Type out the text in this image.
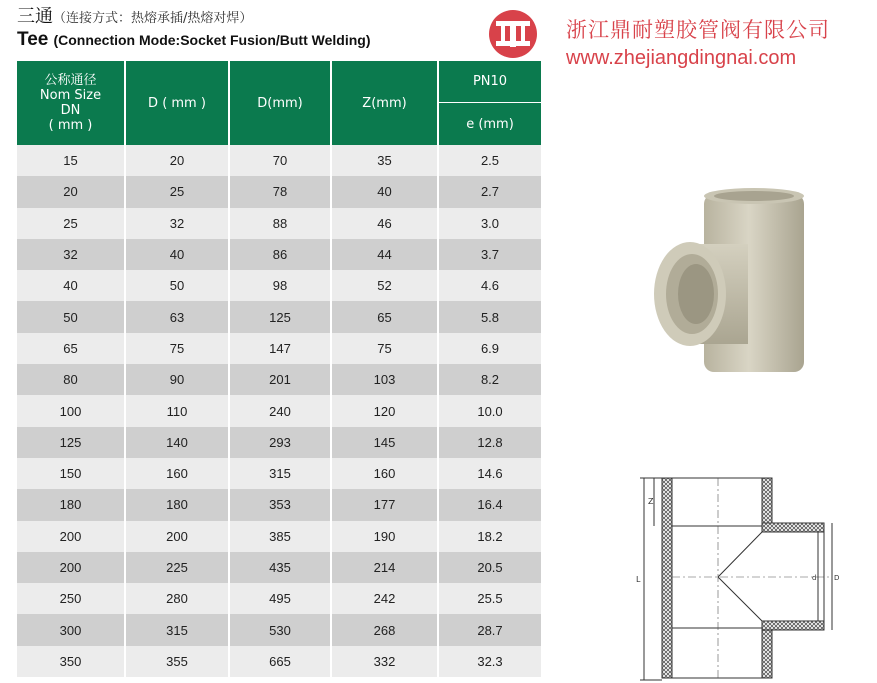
三通（连接方式：热熔承插/热熔对焊）
Tee (Connection Mode:Socket Fusion/Butt Welding)	浙江鼎耐塑胶管阀有限公司
www.zhejiangdingnai.com
公称通径
Nom Size
DN
( mm )	D ( mm )	D(mm)	Z(mm)	PN10
				e (mm)
15	20	70	35	2.5
20	25	78	40	2.7
25	32	88	46	3.0
32	40	86	44	3.7
40	50	98	52	4.6
50	63	125	65	5.8
65	75	147	75	6.9
80	90	201	103	8.2
100	110	240	120	10.0
125	140	293	145	12.8
150	160	315	160	14.6
180	180	353	177	16.4
200	200	385	190	18.2
200	225	435	214	20.5
250	280	495	242	25.5
300	315	530	268	28.7
350	355	665	332	32.3
L
Z
d	D
